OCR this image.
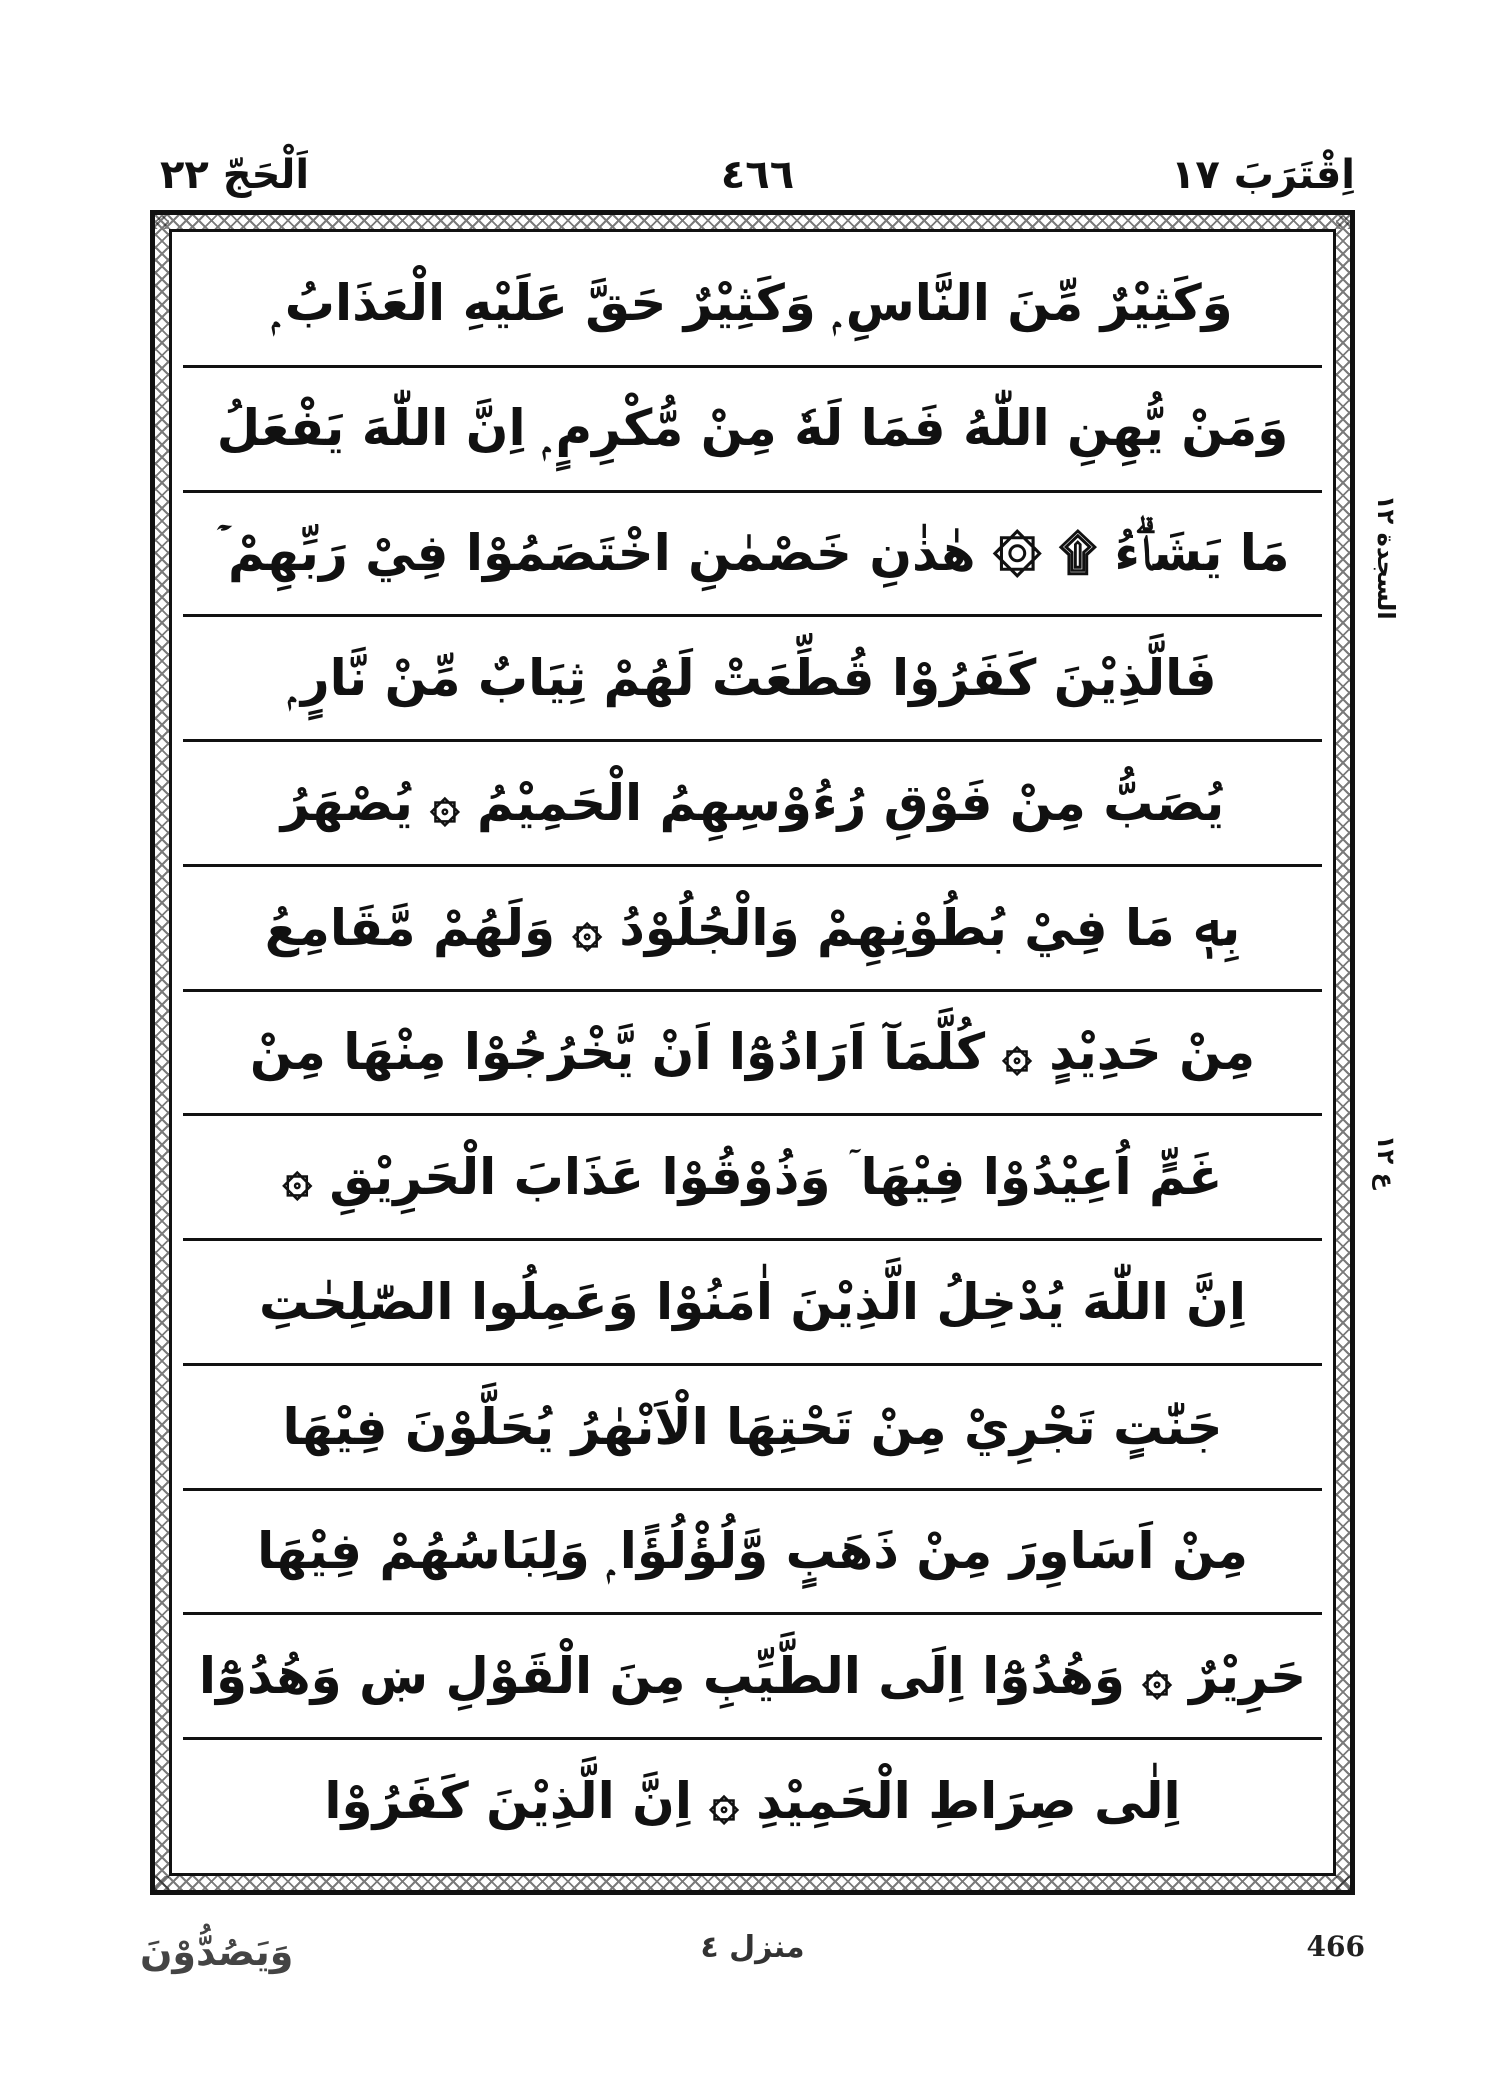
اَلْحَجّ ٢٢	٤٦٦	اِقْتَرَبَ ١٧
وَكَثِيْرٌ مِّنَ النَّاسِ ۭ وَكَثِيْرٌ حَقَّ عَلَيْهِ الْعَذَابُ ۭ
وَمَنْ يُّهِنِ اللّٰهُ فَمَا لَهٗ مِنْ مُّكْرِمٍ ۭ اِنَّ اللّٰهَ يَفْعَلُ
مَا يَشَاۗءُ ۩ ۞ هٰذٰنِ خَصْمٰنِ اخْتَصَمُوْا فِيْ رَبِّهِمْ ۡ
فَالَّذِيْنَ كَفَرُوْا قُطِّعَتْ لَهُمْ ثِيَابٌ مِّنْ نَّارٍ ۭ
يُصَبُّ مِنْ فَوْقِ رُءُوْسِهِمُ الْحَمِيْمُ ۞ يُصْهَرُ
بِهٖ مَا فِيْ بُطُوْنِهِمْ وَالْجُلُوْدُ ۞ وَلَهُمْ مَّقَامِعُ
مِنْ حَدِيْدٍ ۞ كُلَّمَآ اَرَادُوْٓا اَنْ يَّخْرُجُوْا مِنْهَا مِنْ
غَمٍّ اُعِيْدُوْا فِيْهَا ۤ وَذُوْقُوْا عَذَابَ الْحَرِيْقِ ۞
اِنَّ اللّٰهَ يُدْخِلُ الَّذِيْنَ اٰمَنُوْا وَعَمِلُوا الصّٰلِحٰتِ
جَنّٰتٍ تَجْرِيْ مِنْ تَحْتِهَا الْاَنْهٰرُ يُحَلَّوْنَ فِيْهَا
مِنْ اَسَاوِرَ مِنْ ذَهَبٍ وَّلُؤْلُؤًا ۭ وَلِبَاسُهُمْ فِيْهَا
حَرِيْرٌ ۞ وَهُدُوْٓا اِلَى الطَّيِّبِ مِنَ الْقَوْلِ ښ وَهُدُوْٓا
اِلٰى صِرَاطِ الْحَمِيْدِ ۞ اِنَّ الَّذِيْنَ كَفَرُوْا
السجدة ١٢
ع ١٢
وَيَصُدُّوْنَ	منزل ٤	466
